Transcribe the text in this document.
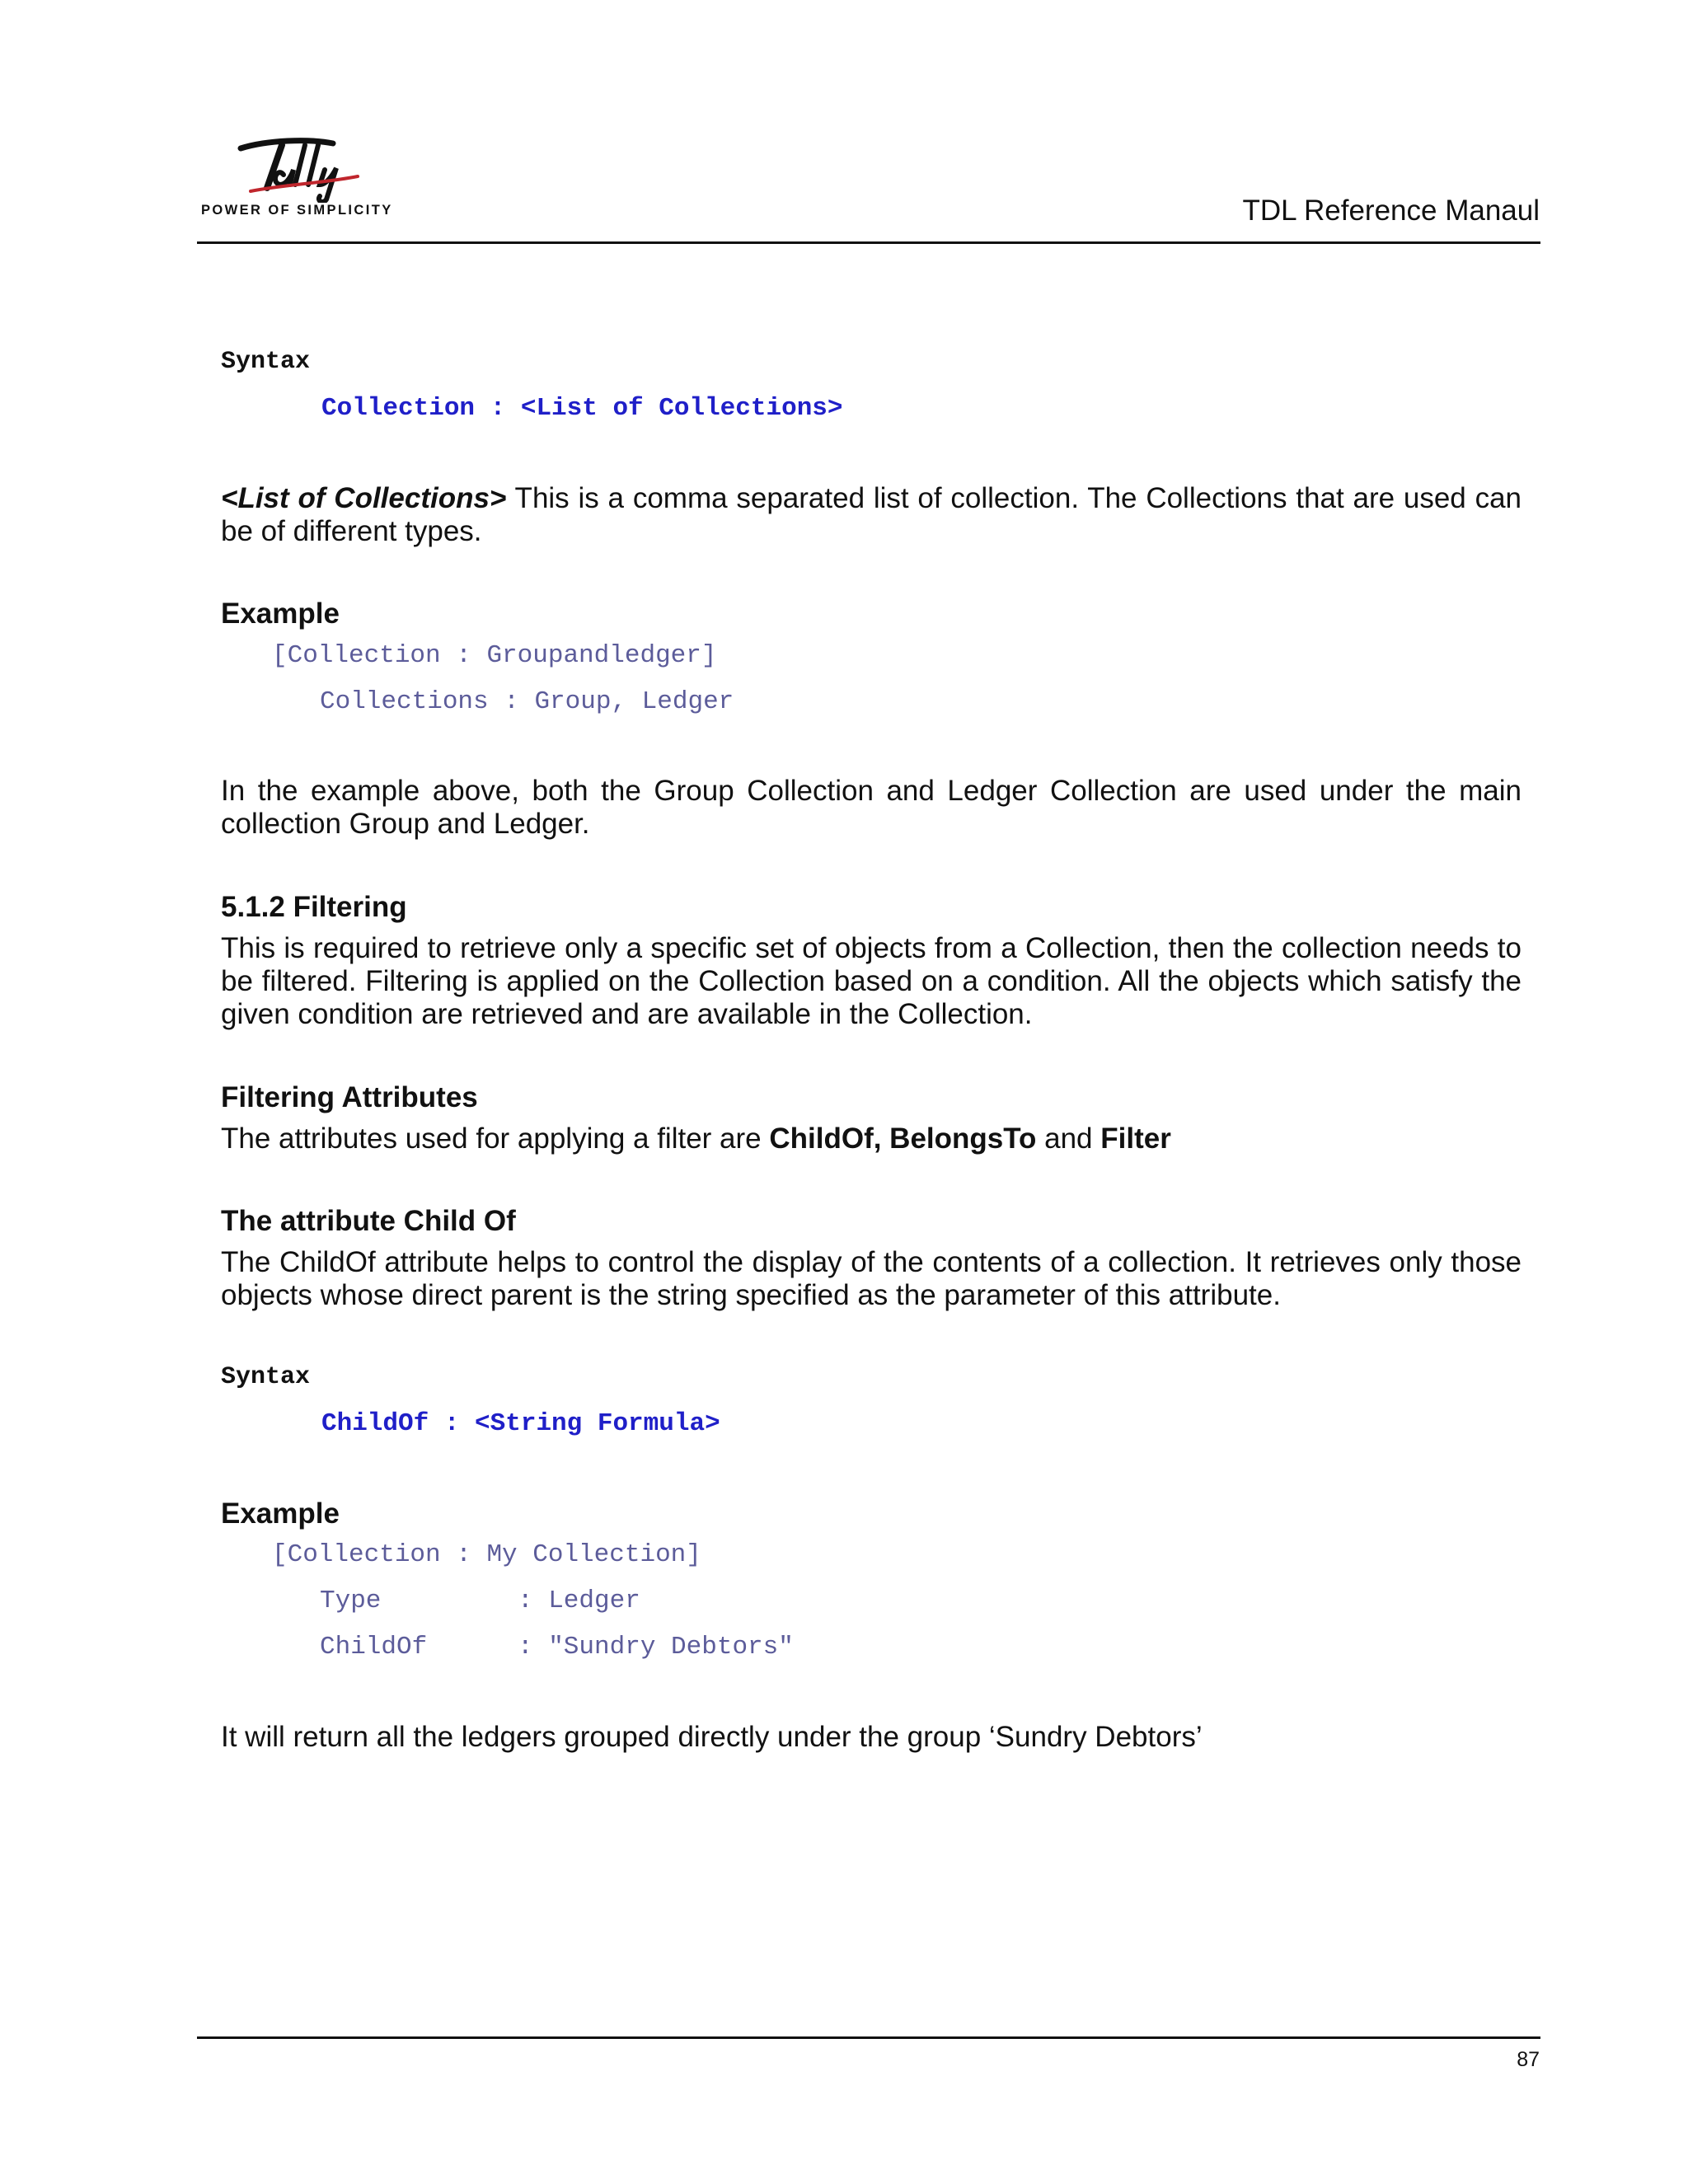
POWER OF SIMPLICITY	TDL Reference Manaul
Syntax
Collection : <List of Collections>
<List of Collections> This is a comma separated list of collection. The Collections that are used can be of different types.
Example
[Collection : Groupandledger]
Collections : Group, Ledger
In the example above, both the Group Collection and Ledger Collection are used under the main collection Group and Ledger.
5.1.2 Filtering
This is required to retrieve only a specific set of objects from a Collection, then the collection needs to be filtered. Filtering is applied on the Collection based on a condition. All the objects which satisfy the given condition are retrieved and are available in the Collection.
Filtering Attributes
The attributes used for applying a filter are ChildOf, BelongsTo and Filter
The attribute Child Of
The ChildOf attribute helps to control the display of the contents of a collection. It retrieves only those objects whose direct parent is the string specified as the parameter of this attribute.
Syntax
ChildOf : <String Formula>
Example
[Collection : My Collection]
Type	: Ledger
ChildOf	: "Sundry Debtors"
It will return all the ledgers grouped directly under the group ‘Sundry Debtors’
87
